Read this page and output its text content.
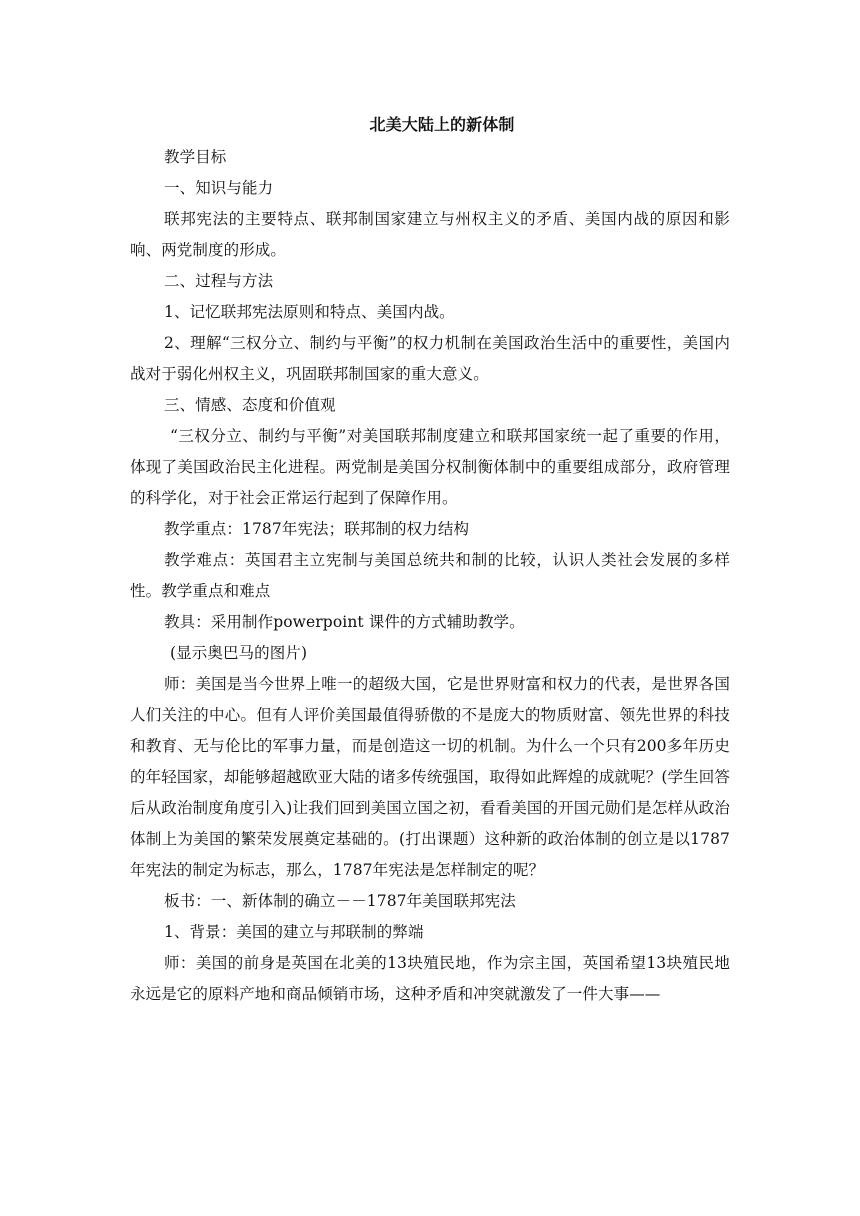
北美大陆上的新体制

教学目标

一、知识与能力

联邦宪法的主要特点、联邦制国家建立与州权主义的矛盾、美国内战的原因和影响、两党制度的形成。

二、过程与方法

1、记忆联邦宪法原则和特点、美国内战。

2、理解“三权分立、制约与平衡”的权力机制在美国政治生活中的重要性，美国内战对于弱化州权主义，巩固联邦制国家的重大意义。

三、情感、态度和价值观

“三权分立、制约与平衡”对美国联邦制度建立和联邦国家统一起了重要的作用，体现了美国政治民主化进程。两党制是美国分权制衡体制中的重要组成部分，政府管理的科学化，对于社会正常运行起到了保障作用。

教学重点：1787年宪法；联邦制的权力结构

教学难点：英国君主立宪制与美国总统共和制的比较，认识人类社会发展的多样性。教学重点和难点

教具：采用制作powerpoint 课件的方式辅助教学。

(显示奥巴马的图片)

师：美国是当今世界上唯一的超级大国，它是世界财富和权力的代表，是世界各国人们关注的中心。但有人评价美国最值得骄傲的不是庞大的物质财富、领先世界的科技和教育、无与伦比的军事力量，而是创造这一切的机制。为什么一个只有200多年历史的年轻国家，却能够超越欧亚大陆的诸多传统强国，取得如此辉煌的成就呢？(学生回答后从政治制度角度引入)让我们回到美国立国之初，看看美国的开国元勋们是怎样从政治体制上为美国的繁荣发展奠定基础的。(打出课题）这种新的政治体制的创立是以1787年宪法的制定为标志，那么，1787年宪法是怎样制定的呢？

板书：一、新体制的确立－－1787年美国联邦宪法

1、背景：美国的建立与邦联制的弊端

师：美国的前身是英国在北美的13块殖民地，作为宗主国，英国希望13块殖民地永远是它的原料产地和商品倾销市场，这种矛盾和冲突就激发了一件大事——
